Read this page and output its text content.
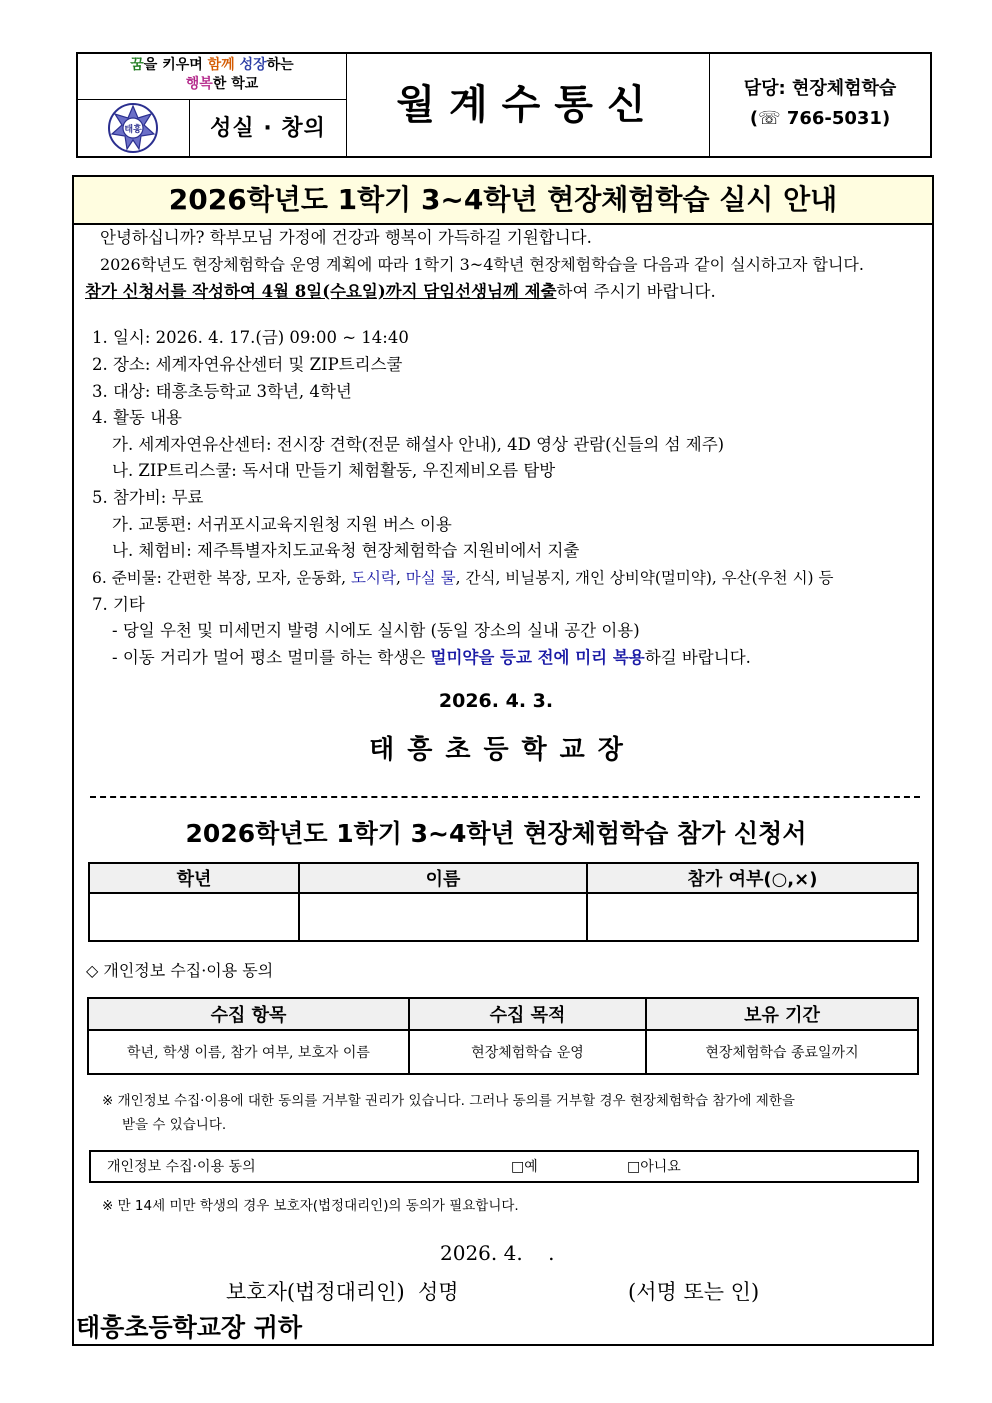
꿈을 키우며 함께 성장하는
행복한 학교
태흥	성실 · 창의
월계수통신	담당: 현장체험학습
(☏ 766-5031)
2026학년도 1학기 3~4학년 현장체험학습 실시 안내
안녕하십니까? 학부모님 가정에 건강과 행복이 가득하길 기원합니다.
2026학년도 현장체험학습 운영 계획에 따라 1학기 3~4학년 현장체험학습을 다음과 같이 실시하고자 합니다.
참가 신청서를 작성하여 4월 8일(수요일)까지 담임선생님께 제출하여 주시기 바랍니다.
1. 일시: 2026. 4. 17.(금) 09:00 ~ 14:40
2. 장소: 세계자연유산센터 및 ZIP트리스쿨
3. 대상: 태흥초등학교 3학년, 4학년
4. 활동 내용
가. 세계자연유산센터: 전시장 견학(전문 해설사 안내), 4D 영상 관람(신들의 섬 제주)
나. ZIP트리스쿨: 독서대 만들기 체험활동, 우진제비오름 탐방
5. 참가비: 무료
가. 교통편: 서귀포시교육지원청 지원 버스 이용
나. 체험비: 제주특별자치도교육청 현장체험학습 지원비에서 지출
6. 준비물: 간편한 복장, 모자, 운동화, 도시락, 마실 물, 간식, 비닐봉지, 개인 상비약(멀미약), 우산(우천 시) 등
7. 기타
- 당일 우천 및 미세먼지 발령 시에도 실시함 (동일 장소의 실내 공간 이용)
- 이동 거리가 멀어 평소 멀미를 하는 학생은 멀미약을 등교 전에 미리 복용하길 바랍니다.
2026. 4. 3.
태흥초등학교장
2026학년도 1학기 3~4학년 현장체험학습 참가 신청서
학년	이름	참가 여부(○,×)

◇ 개인정보 수집·이용 동의
수집 항목	수집 목적	보유 기간
학년, 학생 이름, 참가 여부, 보호자 이름	현장체험학습 운영	현장체험학습 종료일까지
※ 개인정보 수집·이용에 대한 동의를 거부할 권리가 있습니다. 그러나 동의를 거부할 경우 현장체험학습 참가에 제한을
받을 수 있습니다.
개인정보 수집·이용 동의	□예	□아니요
※ 만 14세 미만 학생의 경우 보호자(법정대리인)의 동의가 필요합니다.
2026. 4.    .
보호자(법정대리인)  성명	(서명 또는 인)
태흥초등학교장 귀하
